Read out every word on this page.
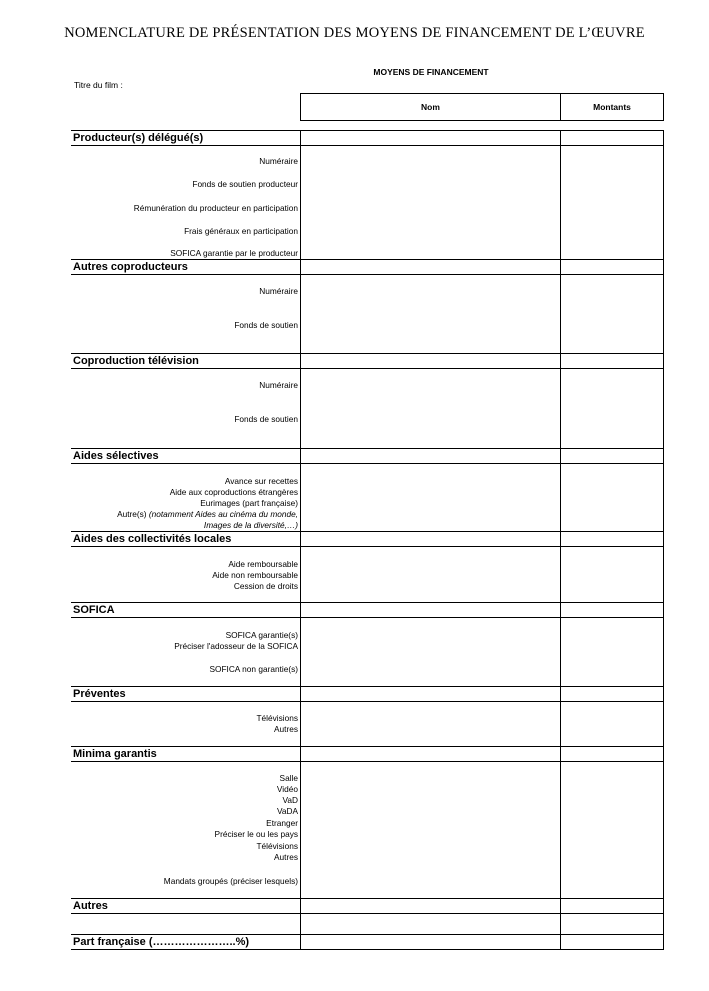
NOMENCLATURE DE PRÉSENTATION DES MOYENS DE FINANCEMENT DE L’ŒUVRE
Titre du film :
MOYENS DE FINANCEMENT
Nom	Montants
Producteur(s) délégué(s)
Autres coproducteurs
Coproduction télévision
Aides sélectives
Aides des collectivités locales
SOFICA
Préventes
Minima garantis
Autres
Part française (…………………..%)
Numéraire
Fonds de soutien producteur
Rémunération du producteur en participation
Frais généraux en participation
SOFICA garantie par le producteur
Numéraire
Fonds de soutien
Numéraire
Fonds de soutien
Avance sur recettes
Aide aux coproductions étrangères
Eurimages (part française)
Autre(s) (notamment Aides au cinéma du monde,
Images de la diversité,…)
Aide remboursable
Aide non remboursable
Cession de droits
SOFICA garantie(s)
Préciser l'adosseur de la SOFICA
SOFICA non garantie(s)
Télévisions
Autres
Salle
Vidéo
VaD
VaDA
Etranger
Préciser le ou les pays
Télévisions
Autres
Mandats groupés (préciser lesquels)
